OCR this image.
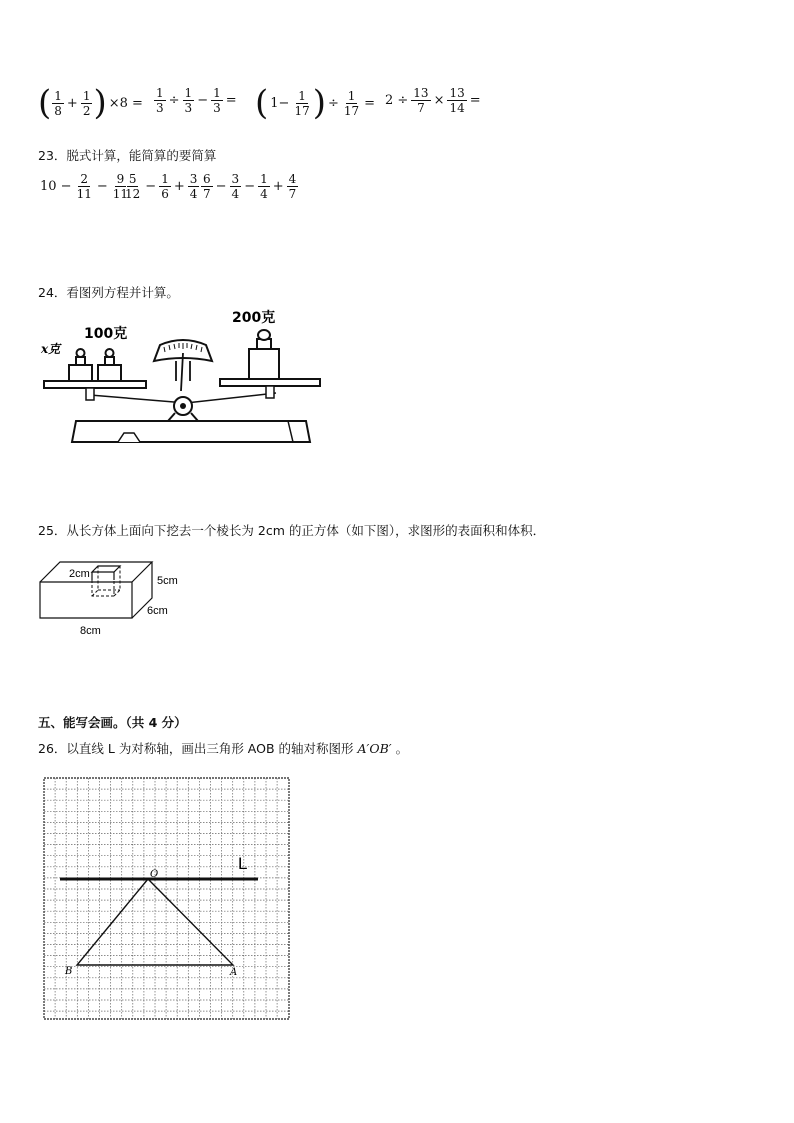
( $\frac{1}{8} + \frac{1}{2}$ ) $\times 8 = \frac{1}{3} \div \frac{1}{3} - \frac{1}{3}$ = ( $1- \frac{1}{17}$ ) ÷ $\frac{1}{17} = 2 \div \frac{13}{7} \times \frac{13}{14}$ =
23．脱式计算，能简算的要简算
$10 - \frac{2}{11} - \frac{9}{11}$
$\frac{5}{12} - \frac{1}{6} + \frac{3}{4} \frac{6}{7} - \frac{3}{4} - \frac{1}{4} + \frac{4}{7}$
24．看图列方程并计算。
x克
100克
200克
25．从长方体上面向下挖去一个棱长为 2cm 的正方体（如下图），求图形的表面积和体积．
2cm
5cm
6cm
8cm
五、能写会画。（共 4 分）
26．以直线 L 为对称轴，画出三角形 AOB 的轴对称图形 A′OB′ 。
L
O
A
B
